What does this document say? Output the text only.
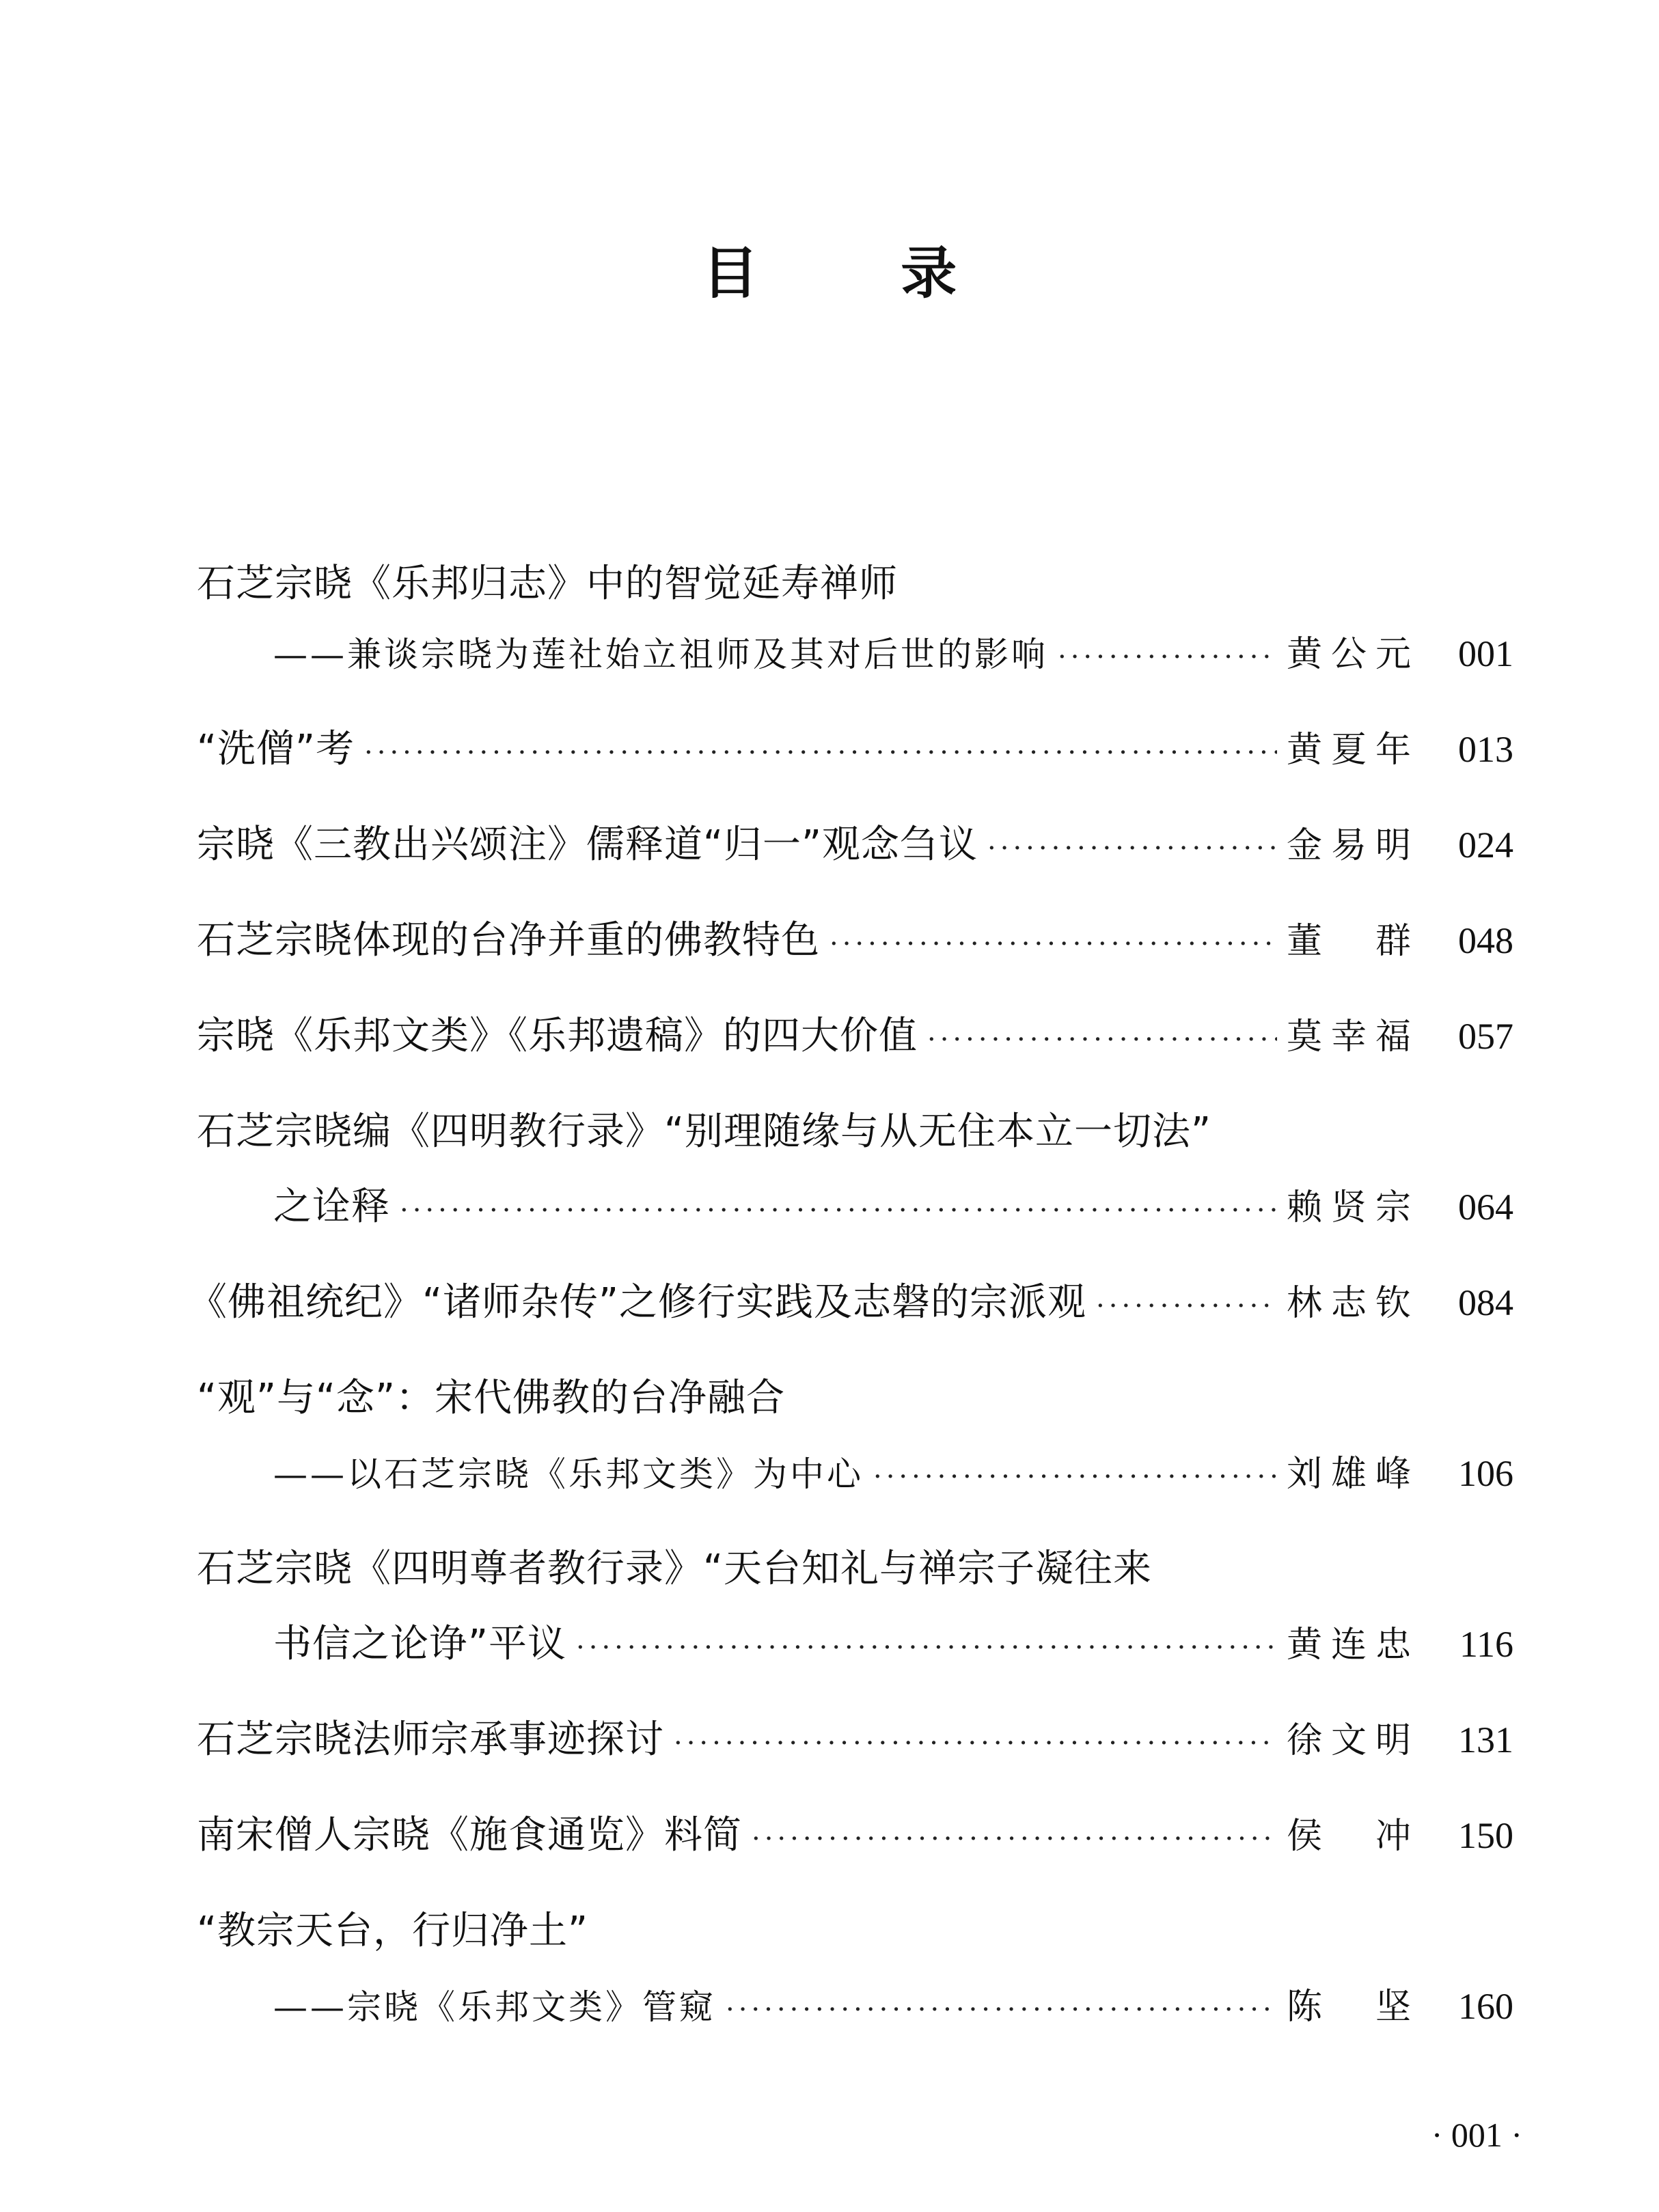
目 录
石芝宗晓《乐邦归志》中的智觉延寿禅师
——兼谈宗晓为莲社始立祖师及其对后世的影响 ·····	黄公元	001
“洗僧”考 ·····	黄夏年	013
宗晓《三教出兴颂注》儒释道“归一”观念刍议 ·····	金易明	024
石芝宗晓体现的台净并重的佛教特色 ·····	董　群	048
宗晓《乐邦文类》《乐邦遗稿》的四大价值 ·····	莫幸福	057
石芝宗晓编《四明教行录》“别理随缘与从无住本立一切法”
之诠释 ·····	赖贤宗	064
《佛祖统纪》“诸师杂传”之修行实践及志磐的宗派观 ·····	林志钦	084
“观”与“念”：宋代佛教的台净融合
——以石芝宗晓《乐邦文类》为中心 ·····	刘雄峰	106
石芝宗晓《四明尊者教行录》“天台知礼与禅宗子凝往来
书信之论诤”平议 ·····	黄连忠	116
石芝宗晓法师宗承事迹探讨 ·····	徐文明	131
南宋僧人宗晓《施食通览》料简 ·····	侯　冲	150
“教宗天台，行归净土”
——宗晓《乐邦文类》管窥 ·····	陈　坚	160
· 001 ·
